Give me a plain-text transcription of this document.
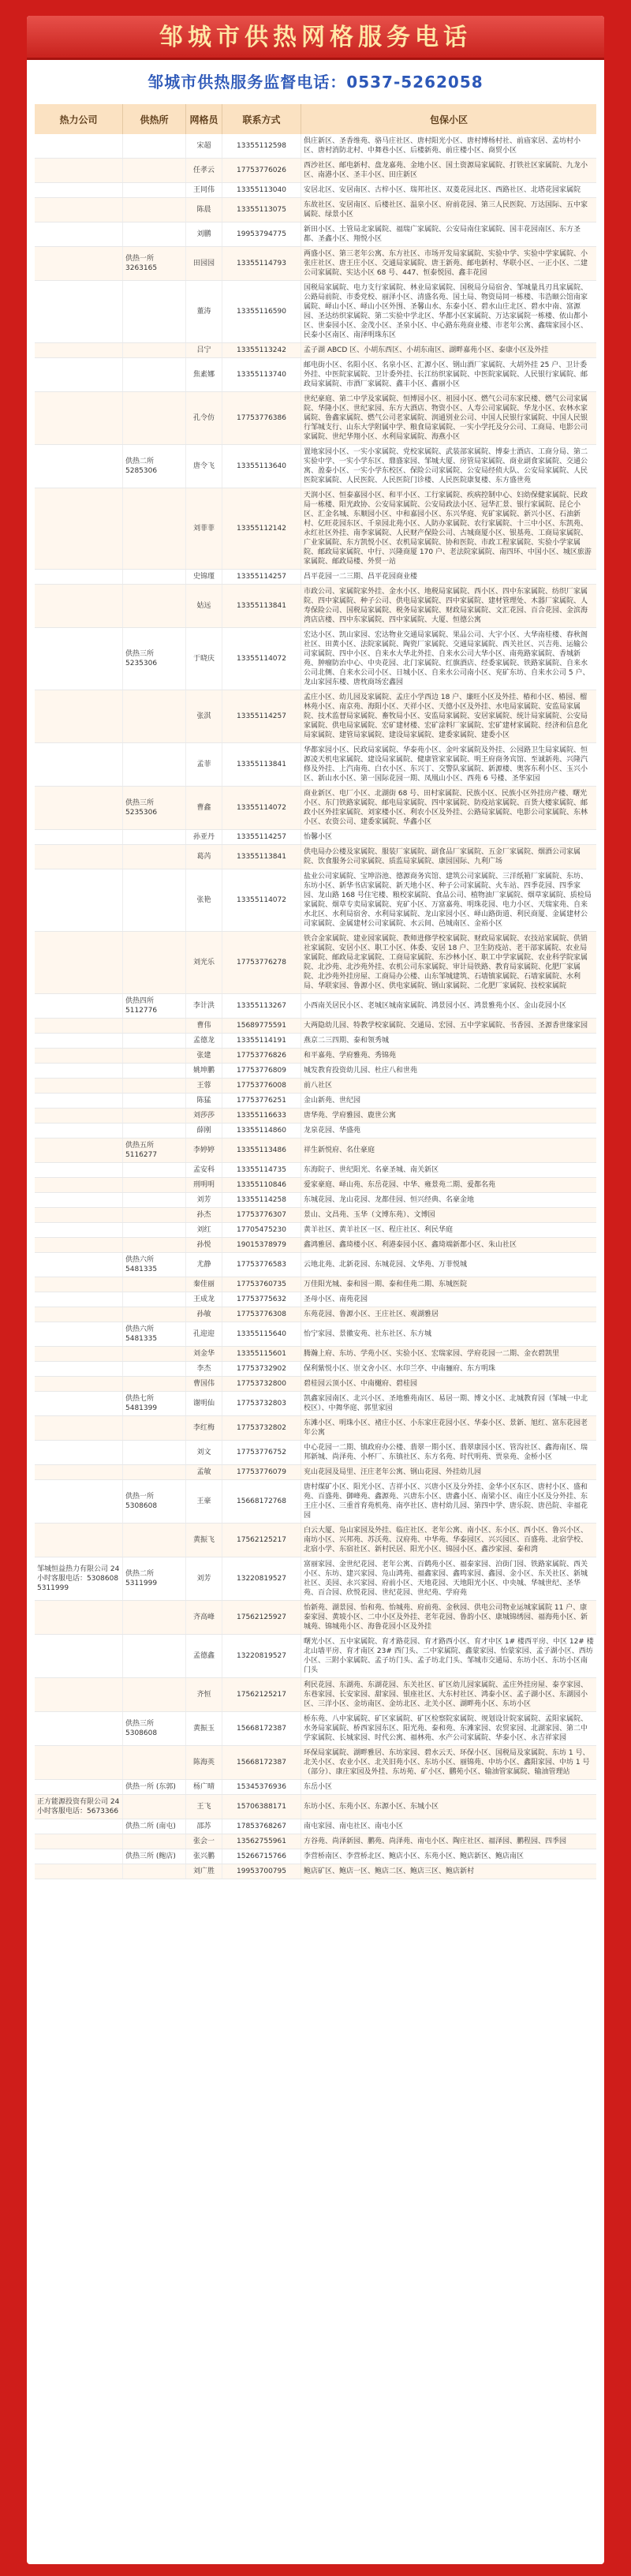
邹城市供热网格服务电话
邹城市供热服务监督电话：0537-5262058
热力公司	供热所	网格员	联系方式	包保小区
宋超	13355112598
俱庄新区、圣香维苑、骆马庄社区、唐村阳光小区、唐村博杨村社、前庙家居、孟坊村小区、唐村消防北村、中舞巷小区、后楼新苑、前庄楼小区、商贸小区
任孝云	17753776026
西沙社区、邮电新村、盘龙嘉苑、金地小区、国土资源局家属院、打铁社区家属院、九龙小区、南港小区、圣丰小区、田庄新区
王同伟	13355113040	安居北区、安居南区、古梓小区、瑞邦社区、双菱花园北区、西路社区、北塔花园家属院
陈晨	13355113075
东故社区、安居南区、后楼社区、温泉小区、府前花园、第三人民医院、万达国际、五中家属院、绿景小区
刘鹏	19953794775
新田小区、土管局北家属院、福瑞广家属院、公安局南住家属院、国丰花园南区、东方圣都、圣鑫小区、翔悦小区
供热一所 3263165
田园园	13355114793
两盛小区、第三老年公寓、东方社区、市场开发局家属院、实验中学、实验中学家属院、小张庄社区、唐王庄小区、交通局家属院、唐王新苑、邮电新村、华联小区、一正小区、二建公司家属院、实达小区 68 号、447、恒泰悦园、鑫丰花园
董涛	13355116590
国税局家属院、电力支行家属院、林业局家属院、国税局分局宿舍、邹城量具刃具家属院、公路局前院、市委党校、丽泽小区、清盛名苑、国土局、物资局同一栋楼、韦浩颐公馆南家属院、峄山小区、峄山小区外围、圣馨山水、东泰小区、碧水山庄北区、碧水中南、富源园、圣达纺织家属院、第二实验中学北区、华都小区家属院、万达家属院一栋楼、依山都小区、世泰园小区、金茂小区、圣泉小区、中心路东苑商业楼、市老年公寓、鑫瑞家园小区、民泰小区南区、南泽明珠东区
吕宁	13355113242	孟子湖 ABCD 区、小胡东西区、小胡东南区、湖畔嘉苑小区、泰康小区及外挂
焦素娜	13355113740
邮电街小区、名阳小区、名泉小区、汇源小区、钢山酒厂家属院、大胡外挂 25 户、卫计委外挂、中医院家属院、卫计委外挂、长江纺织家属院、中医院家属院、人民银行家属院、邮政局家属院、市酒厂家属院、鑫丰小区、鑫丽小区
孔令仿	17753776386
世纪豪庭、第二中学及家属院、恒博园小区、祖园小区、燃气公司东家民楼、燃气公司家属院、华隆小区、世纪家园、东方大酒店、物资小区、人寿公司家属院、华龙小区、农林水家属院、鲁鑫家属院、燃气公司老家属院、润通别业公司、中国人民银行家属院、中国人民银行邹城支行、山东大学附属中学、粮食局家属院、一实小学托及分公司、工商局、电影公司家属院、世纪华翔小区、水利局家属院、海燕小区
供热二所 5285306
唐令飞	13355113640
置地家园小区、一实小家属院、党校家属院、武装部家属院、博泰士酒店、工商分局、第二实验中学、一实小学东区、鼎盛家园、邹城大厦、房管局家属院、商业副食家属院、交通公寓、盈泰小区、一实小学东校区、保险公司家属院、公安局经侦大队、公安局家属院、人民医院家属院、人民医院、人民医院门诊楼、人民医院康复楼、东方盛世苑
刘菲菲	13355112142
天润小区、恒泰嘉园小区、和平小区、工行家属院、疾病控制中心、妇幼保健家属院、民政局一栋楼、阳光政协、公安局家属院、公安局政法小区、冠华汇景、银行家属院、昆仑小区、汇金名城、东顺园小区、中和嘉园小区、东兴华庭、兖矿家属院、新兴小区、石油新村、亿旺花园东区、千泉园北苑小区、人防办家属院、农行家属院、十三中小区、东凯苑、永红社区外挂、南李家属院、人民财产保险公司、古城商厦小区、银基苑、工商局家属院、广业家属院、东方凯悦小区、农机局家属院、协和医院、市政工程家属院、实验小学家属院、邮政局家属院、中行、兴隆商厦 170 户、老法院家属院、南四环、中国小区、城区旅游家属院、邮政局楼、外贸一站
史锦瑾	13355114257	昌平花园一二三期、昌平花园商业楼
姑远	13355113841
市政公司、家属院家外挂、金水小区、地税局家属院、西小区、四中东家属院、纺织厂家属院、四中家属院、种子公司、供电局家属院、四中家属院、建材管理处、木器厂家属院、人寿保险公司、国税局家属院、税务局家属院、财政局家属院、文汇花园、百合花园、金滨海湾店店楼、四中东家属院、四中家属院、大厦、恒德公寓
供热三所 5235306
于晓庆	13355114072
宏达小区、凯山家园、宏达物业交通局家属院、果品公司、大宇小区、大华南桂楼、春秋阁社区、田黄小区、法院家属院、陶瓷厂家属院、交通局家属院、西关社区、兴吉苑、运输公司家属院、四中小区、自来水大华北外挂、自来水公司大华小区、南苑路家属院、香城新苑、肿瘤防治中心、中央花园、北门家属院、红旗酒店、经委家属院、铁路家属院、自来水公司北侧、自来水公司小区、日城小区、自来水公司南小区、兖矿东坊、自来水公司 5 户、龙山家园东楼、唐枕商场宏鑫园
张淇	13355114257
孟庄小区、幼儿园及家属院、孟庄小学西边 18 户、廉旺小区及外挂、椿和小区、椿园、榴林苑小区、南京苑、海阳小区、天祥小区、天德小区及外挂、水电局家属院、安监局家属院、技术监督局家属院、畜牧局小区、安监局家属院、安居家属院、统计局家属院、公安局家属院、供电局家属院、宏矿建材楼、宏矿涂料厂家属院、宏矿建材家属院、经济和信息化局家属院、建管局家属院、建设局家属院、建委家属院、建委小区
孟菲	13355113841
华都家园小区、民政局家属院、华泰苑小区、金叶家属院及外挂、公园路卫生局家属院、恒源凌天机电家属院、建设局家属院、健康管家家属院、明王府商务宾馆、至诚新苑、兴隆汽修及外挂、上汽南苑、白衣小区、东兴丁、交警队家属院、新源楼、奥客东利小区、玉兴小区、新山水小区、第一国际花园一期、凤凰山小区、西苑 6 号楼、圣华家园
供热三所 5235306
曹鑫	13355114072
商业新区、电厂小区、北湖街 68 号、田村家属院、民族小区、民族小区外挂房产楼、曙光小区、东门铁路家属院、邮电局家属院、四中家属院、防疫站家属院、百货大楼家属院、邮政小区外挂家属院、刘家楼小区、利农小区及外挂、公路局家属院、电影公司家属院、东林小区、农资公司、建委家属院、华鑫小区
孙亚丹	13355114257	怡馨小区
葛芮	13355113841
供电局办公楼及家属院、服装厂家属院、副食品厂家属院、五金厂家属院、烟酒公司家属院、饮食服务公司家属院、质监局家属院、康园国际、九利广场
张艳	13355114072
盐业公司家属院、宝坤浴池、德源商务宾馆、建筑公司家属院、三洋纸箱厂家属院、东坊、东坊小区、新华书店家属院、新天地小区、种子公司家属院、火车站、四季花园、四季家园、龙山路 168 号住宅楼、粮校家属院、食品公司、植物油厂家属院、烟草家属院、质检局家属院、烟草专卖局家属院、兖矿小区、万富嘉苑、明珠花园、电力小区、天瑞家苑、自来水北区、水利局宿舍、水利局家属院、龙山家园小区、峄山路街道、利民商厦、金属建材公司家属院、金属建材公司家属院、水云间、邑城南区、金裕小区
刘光乐	17753776278
铁合金家属院、建业园家属院、教师进修学校家属院、财政局家属院、农技站家属院、供销社家属院、安居小区、职工小区、体委、安居 18 户、卫生防疫站、老干部家属院、农业局家属院、邮政局北家属院、工商局家属院、东沙林小区、职工中学家属院、农业科学院家属院、北沙苑、北沙苑外挂、农机公司东家属院、审计局铁路、教育局家属院、化肥厂家属院、北沙苑外挂房屋、工商局办公楼、山东邹城建筑、石墙镇家属院、石墙家属院、水利局、华联家园、鲁源小区、供电家属院、钢山家属院、二化肥厂家属院、技校家属院
供热四所 5112776
李计洪	13355113267	小西南关居民小区、老城区城南家属院、鸿景园小区、鸿景雅苑小区、金山花园小区
曹伟	15689775591	大两隐幼儿园、特教学校家属院、交通局、宏园、五中学家属院、书香园、圣源香世缘家园
孟德龙	13355114191	燕京二三四期、泰和领秀城
张建	17753776826	和平嘉苑、学府雅苑、秀锦苑
姚坤鹏	17753776809	城发教育投资幼儿园、杜庄八和世苑
王蓉	17753776008	前八社区
陈猛	17753776251	金山新苑、世纪园
刘莎莎	13355116633	唐华苑、学府雅园、鹿世公寓
薛刚	13355114860	龙泉花园、华盛苑
供热五所 5116277
李婷婷	13355113486	祥生新悦府、名仕豪庭
孟安科	13355114735	东海院子、世纪阳光、名豪圣城、南关新区
刑明明	13355110846	爱家豪庭、峄山苑、东岳花园、中华、雍景苑二期、爱都名苑
刘芳	13355114258	东城花园、龙山花园、龙都佳园、恒兴经典、名豪金地
孙杰	17753776307	景山、文昌苑、玉华（文博东苑）、文博园
刘红	17705475230	黄羊社区、黄羊社区一区、程庄社区、利民华庭
孙悦	19015378979	鑫鸿雅居、鑫琦楼小区、利港泰园小区、鑫琦端新都小区、朱山社区
供热六所 5481335
尤静	17753776583	云地北苑、北新花园、东城花园、文华苑、万菲悦城
秦佳丽	17753760735	万佳阳光城、泰和园一期、泰和佳苑二期、东城医院
王成龙	17753775632	圣母小区、南苑花园
孙敏	17753776308	东苑花园、鲁源小区、王庄社区、观湖雅居
供热六所 5481335
孔迎迎	13355115640	怡宁家园、景徽安苑、社东社区、东方城
刘金华	13355115601	腾瀚上府、东坊、学苑小区、实验小区、宏瑞家园、学府花园一二期、金衣碧凯里
李杰	17753732902	保利紫悦小区、崇文舍小区、水印兰亭、中南骊府、东方明珠
曹国伟	17753732800	碧桂园云顶小区、中南樾府、碧桂园
供热七所 5481399
谢明仙	17753732803
凯鑫家园南区、北兴小区、圣地雅苑南区、易居一期、博文小区、北城教育园（邹城一中北校区）、中舞华庭、郭里家园
李红梅	17753732802
东滩小区、明珠小区、褚庄小区、小东家庄花园小区、华泰小区、景新、旭红、富东花园老年公寓
刘文	17753776752
中心花园一二期、镇政府办公楼、翡翠一期小区、翡翠康园小区、管沟社区、鑫海南区、瑞邦新城、尚泽苑、小杯厂、东镇社区、东方名苑、时代明苑、贾泉苑、金桥小区
孟敏	17753776079	兖山花园及局里、汪庄老年公寓、钢山花园、外挂幼儿园
供热一所 5308608
王豪	15668172768
唐村煤矿小区、阳光小区、吉祥小区、兴唐小区及分外挂、金华小区东区、唐村小区、盛和苑、百盛苑、御峰苑、鑫源苑、兴唐东小区、唐鑫小区、南梁小区、南庄小区及分外挂、东王庄小区、三重首育苑机苑、南亭社区、唐村幼儿园、第四中学、唐乐院、唐邑院、幸福花园
黄振飞	17562125217
白云大厦、凫山家园及外挂、临庄社区、老年公寓、南小区、东小区、西小区、鲁兴小区、南坊小区、兴邦苑、苏沃苑、汉府苑、中华苑、华泰园区、兴兴园区、百盛苑、北宿学校、北宿小学、东宿社区、新村民居、阳光小区、锦园小区、鑫沙家园、泰和湾
邹城恒益热力有限公司 24 小时客服电话：5308608 5311999
供热二所 5311999
刘芳	13220819527
富丽家园、金世纪花园、老年公寓、百鹤苑小区、福泰家园、泊街门园、铁路家属院、西关小区、东坊、建兴家园、凫山鸿苑、福鑫家园、鑫鸣家园、鑫园、金小区、东关社区、新城社区、美园、永兴家园、府前小区、天地花园、天地阳光小区、中央城、华城世纪、圣华苑、百合园、欣悦花园、世纪花园、世纪苑、学府苑
齐高峰	17562125927
怡新苑、湖景园、怡和苑、怡城苑、府前苑、金秋园、供电公司物业运城家属院 11 户、康泰家园、黄坡小区、二中小区及外挂、老年花园、鲁韵小区、康城锦绣园、福海苑小区、新城苑、锦城苑小区、海鲁花园小区及外挂
孟德鑫	13220819527
曙光小区、五中家属院、育才路花园、育才路西小区、育才中区 1# 楼西平房、中区 12# 楼北山墙平房、育才南区 23# 西门头、二中家属院、鑫蒙家园、怡蒙家园、孟子湖小区、西坊小区、三附小家属院、孟子坊门头、孟子坊北门头、邹城市交通局、东坊小区、东坊小区南门头
齐恒	17562125217
利民花园、东湖苑、东湖花园、东关社区、矿区幼儿园家属院、孟庄外挂房屋、泰亨家园、东巷家园、长安家园、甜家园、银座社区、大东村社区、鸿泰小区、孟子湖小区、东湖园小区、三洋小区、金坊南区、金坊北区、北关小区、湖畔苑小区、东坊小区
供热三所 5308608
黄振玉	15668172387
桥东苑、八中家属院、矿区家属院、矿区检察院家属院、规划设计院家属院、孟阳家属院、水务局家属院、桥西家园东区、阳光苑、泰和苑、东滩家园、农贸家园、北湖家园、第二中学家属院、长城家园、时代公寓、福林苑、水产公司家属院、华泰小区、永吉祥家园
陈海英	15668172387
环保局家属院、湖畔雅居、东坊家园、碧水云天、环保小区、国税局及家属院、东坊 1 号、北关小区、农业小区、北关旧苑小区、东坊小区、丽锦苑、中坊小区、鑫阳家园、中坊 1 号（部分）、康庄家园及外挂、东坊苑、矿小区、鹏苑小区、输油管家属院、输油管理站
供热一所 (东郭)	杨广晴	15345376936	东岳小区
正方能源投资有限公司 24 小时客服电话：5673366
王飞	15706388171	东坊小区、东苑小区、东源小区、东城小区
供热二所 (南屯)	邵苏	17853768267	南屯家园、南屯社区、南屯小区
张会一	13562755961	方谷苑、尚泽新园、鹏苑、尚泽苑、南屯小区、陶庄社区、福泽园、鹏程园、四季园
供热三所 (鲍店)	张兴鹏	15266715766	李营桥南区、李营桥北区、鲍店小区、东苑小区、鲍店新区、鲍店南区
刘广胜	19953700795	鲍店矿区、鲍店一区、鲍店二区、鲍店三区、鲍店新村
